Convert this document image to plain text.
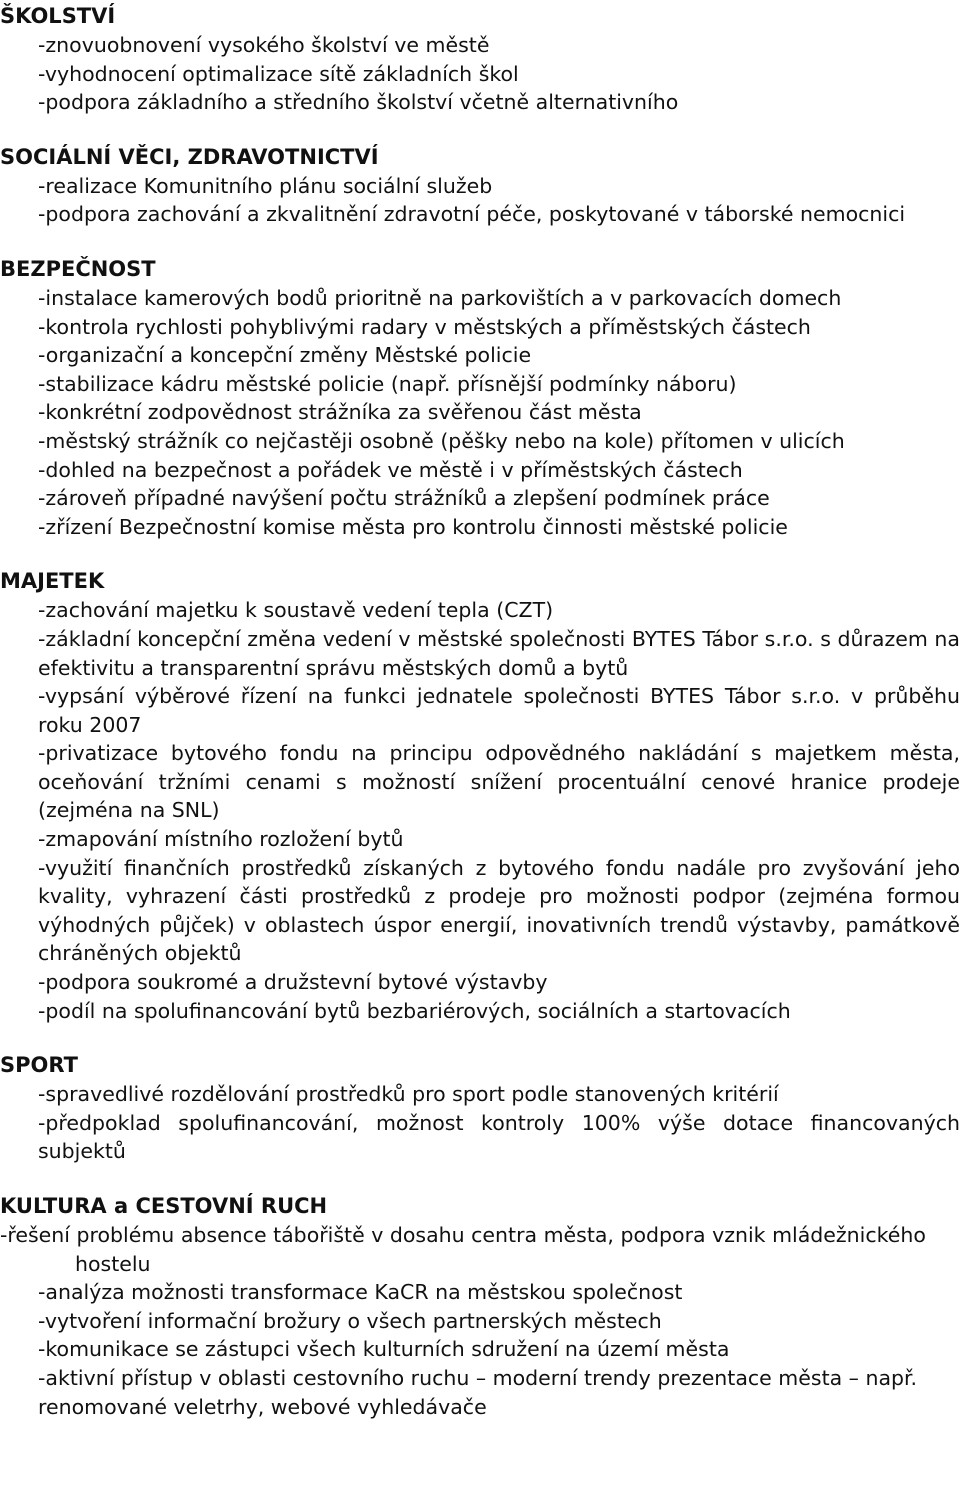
ŠKOLSTVÍ
-znovuobnovení vysokého školství ve městě
-vyhodnocení optimalizace sítě základních škol
-podpora základního a středního školství včetně alternativního
SOCIÁLNÍ VĚCI, ZDRAVOTNICTVÍ
-realizace Komunitního plánu sociální služeb
-podpora zachování a zkvalitnění zdravotní péče, poskytované v táborské nemocnici
BEZPEČNOST
-instalace kamerových bodů prioritně na parkovištích a v parkovacích domech
-kontrola rychlosti pohyblivými radary v městských a příměstských částech
-organizační a koncepční změny Městské policie
-stabilizace kádru městské policie (např. přísnější podmínky náboru)
-konkrétní zodpovědnost strážníka za svěřenou část města
-městský strážník co nejčastěji osobně (pěšky nebo na kole) přítomen v ulicích
-dohled na bezpečnost a pořádek ve městě i v příměstských částech
-zároveň případné navýšení počtu strážníků a zlepšení podmínek práce
-zřízení Bezpečnostní komise města pro kontrolu činnosti městské policie
MAJETEK
-zachování majetku k soustavě vedení tepla (CZT)
-základní koncepční změna vedení v městské společnosti BYTES Tábor s.r.o. s důrazem na efektivitu a transparentní správu městských domů a bytů
-vypsání výběrové řízení na funkci jednatele společnosti BYTES Tábor s.r.o. v průběhu roku 2007
-privatizace bytového fondu na principu odpovědného nakládání s majetkem města, oceňování tržními cenami s možností snížení procentuální cenové hranice prodeje (zejména na SNL)
-zmapování místního rozložení bytů
-využití finančních prostředků získaných z bytového fondu nadále pro zvyšování jeho kvality, vyhrazení části prostředků z prodeje pro možnosti podpor (zejména formou výhodných půjček) v oblastech úspor energií, inovativních trendů výstavby, památkově chráněných objektů
-podpora soukromé a družstevní bytové výstavby
-podíl na spolufinancování bytů bezbariérových, sociálních a startovacích
SPORT
-spravedlivé rozdělování prostředků pro sport podle stanovených kritérií
-předpoklad spolufinancování, možnost kontroly 100% výše dotace financovaných subjektů
KULTURA a CESTOVNÍ RUCH
-řešení problému absence tábořiště v dosahu centra města, podpora vznik mládežnického hostelu
-analýza možnosti transformace KaCR na městskou společnost
-vytvoření informační brožury o všech partnerských městech
-komunikace se zástupci všech kulturních sdružení na území města
-aktivní přístup v oblasti cestovního ruchu – moderní trendy prezentace města – např. renomované veletrhy, webové vyhledávače
